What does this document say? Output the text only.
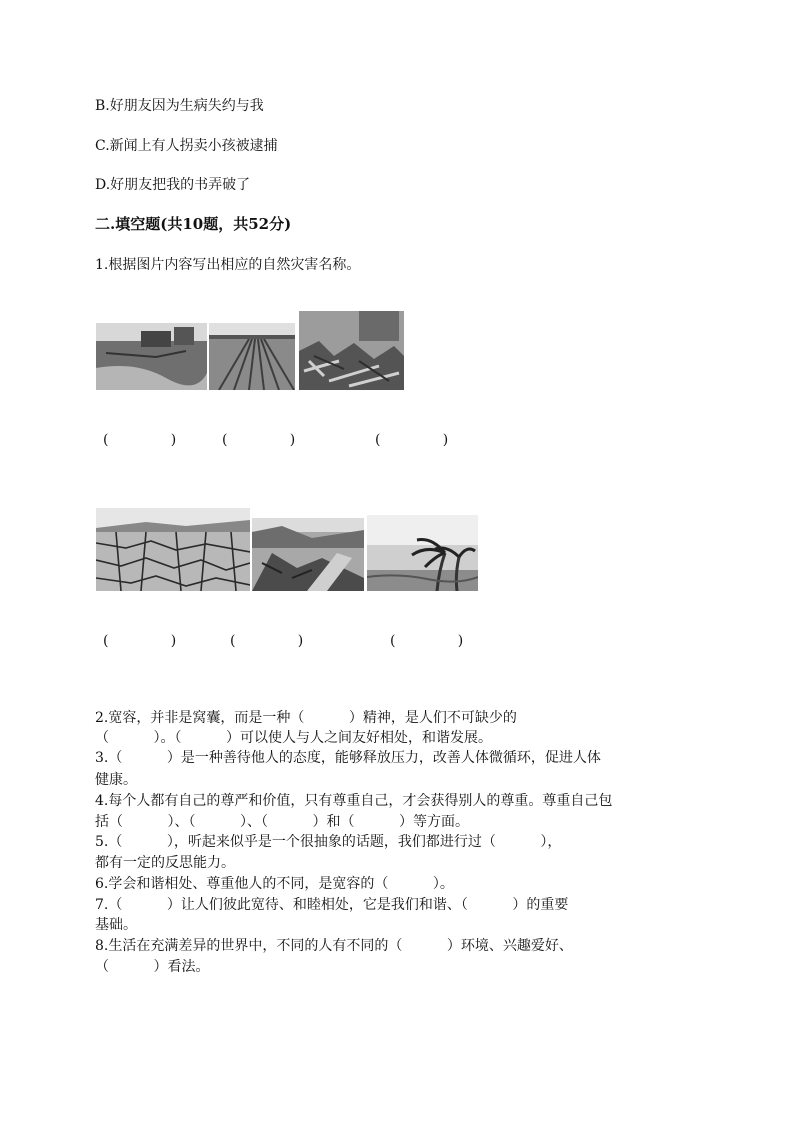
B.好朋友因为生病失约与我
C.新闻上有人拐卖小孩被逮捕
D.好朋友把我的书弄破了
二.填空题(共10题，共52分)
1.根据图片内容写出相应的自然灾害名称。
(              )	(              )	(              )
(              )	(              )	(              )
2.宽容，并非是窝囊，而是一种（          ）精神，是人们不可缺少的
（          ）。（          ）可以使人与人之间友好相处，和谐发展。
3.（          ）是一种善待他人的态度，能够释放压力，改善人体微循环，促进人体
健康。
4.每个人都有自己的尊严和价值，只有尊重自己，才会获得别人的尊重。尊重自己包
括（          ）、（          ）、（          ）和（          ）等方面。
5.（          ），听起来似乎是一个很抽象的话题，我们都进行过（          ），
都有一定的反思能力。
6.学会和谐相处、尊重他人的不同，是宽容的（          ）。
7.（          ）让人们彼此宽待、和睦相处，它是我们和谐、（          ）的重要
基础。
8.生活在充满差异的世界中，不同的人有不同的（          ）环境、兴趣爱好、
（          ）看法。
